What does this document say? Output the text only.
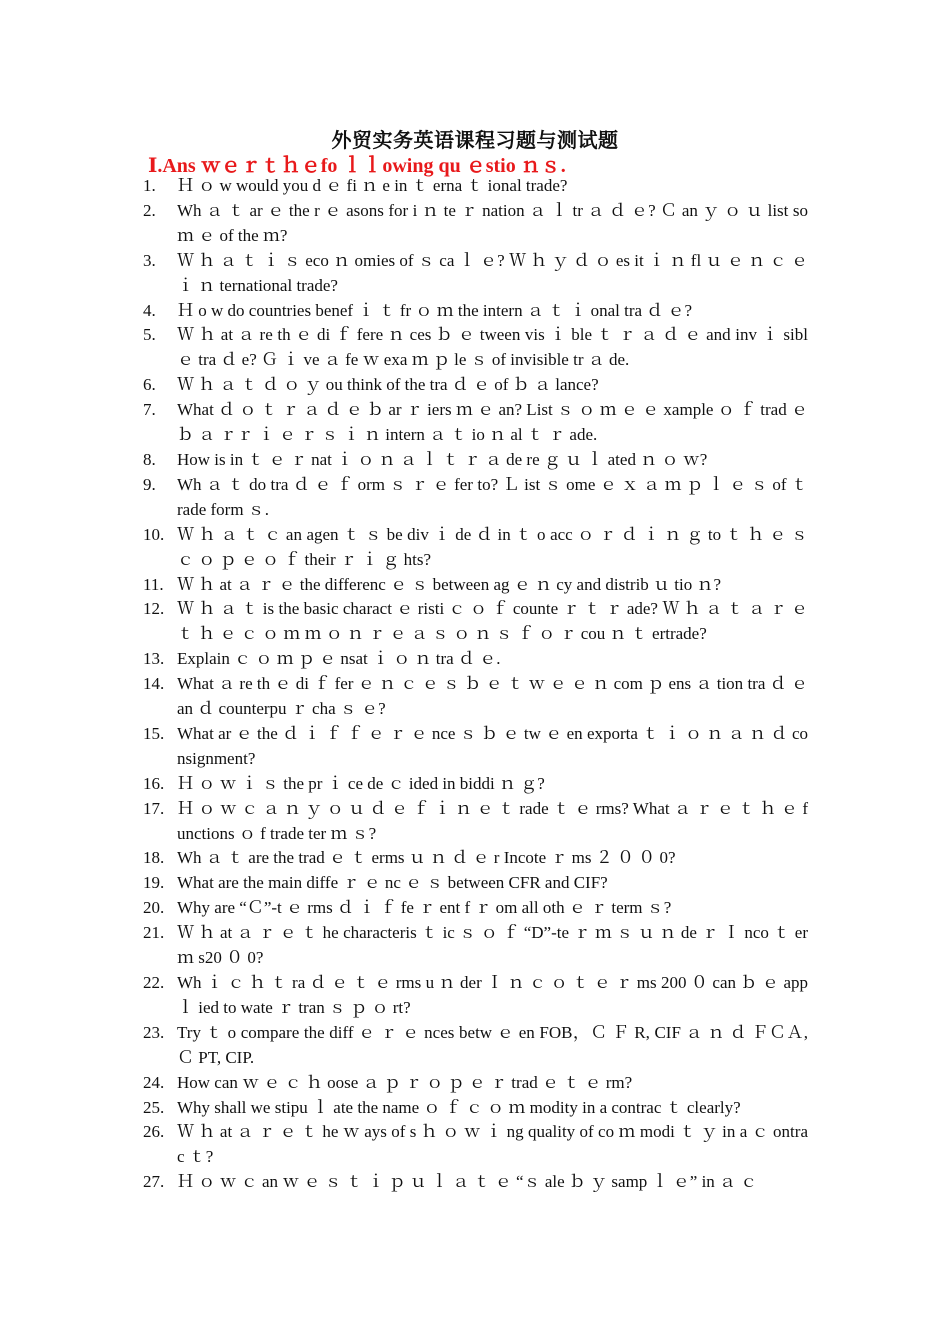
外贸实务英语课程习题与测试题
Ⅰ.Ans ｗｅｒｔｈｅfo ｌｌowing qu ｅstio ｎｓ.
1.	Ｈ ｏ w would you d ｅ fi ｎ e in ｔ erna ｔ ional trade?
2.	Wh ａ ｔ ar ｅ the r ｅ asons for i ｎ te ｒ nation ａ ｌ tr ａ ｄ ｅ? Ｃ an ｙ ｏ ｕ list so ｍ ｅ of the ｍ?
3.	Ｗ ｈ ａ ｔ ｉ ｓ eco ｎ omies of ｓ ca ｌ ｅ? Ｗ ｈ ｙ ｄ ｏ es it ｉ ｎ fl ｕ ｅ ｎ ｃ ｅ ｉ ｎ ternational trade?
4.	Ｈ o w do countries benef ｉ ｔ fr ｏ ｍ the intern ａ ｔ ｉ onal tra ｄ ｅ?
5.	Ｗ ｈ at ａ re th ｅ di ｆ fere ｎ ces ｂ ｅ tween vis ｉ ble ｔ ｒ ａ ｄ ｅ and inv ｉ sibl ｅ tra ｄ e? Ｇ ｉ ve ａ fe ｗ exa ｍ ｐ le ｓ of invisible tr ａ de.
6.	Ｗ ｈ ａ ｔ ｄ ｏ ｙ ou think of the tra ｄ ｅ of ｂ ａ lance?
7.	What ｄ ｏ ｔ ｒ ａ ｄ ｅ ｂ ar ｒ iers ｍ ｅ an? List ｓ ｏ ｍ ｅ ｅ xample ｏ ｆ trad ｅ ｂ ａ ｒｒ ｉ ｅ ｒ ｓ ｉ ｎ intern ａ ｔ io ｎ al ｔ ｒ ade.
8.	How is in ｔ ｅ ｒ nat ｉ ｏ ｎ ａ ｌ ｔ ｒ ａ de re ｇ ｕ ｌ ated ｎ ｏ ｗ?
9.	Wh ａ ｔ do tra ｄ ｅ ｆ orm ｓ ｒ ｅ fer to? Ｌ ist ｓ ome ｅ ｘ ａ ｍ ｐ ｌ ｅ ｓ of ｔ rade form ｓ.
10. Ｗ ｈ ａ ｔ ｃ an agen ｔ ｓ be div ｉ de ｄ in ｔ o acc ｏ ｒ ｄ ｉ ｎ ｇ to ｔ ｈ ｅ ｓ ｃ ｏ ｐ ｅ ｏ ｆ their ｒ ｉ ｇ hts?
11. Ｗ ｈ at ａ ｒ ｅ the differenc ｅ ｓ between ag ｅ ｎ cy and distrib ｕ tio ｎ?
12. Ｗ ｈ ａ ｔ is the basic charact ｅ risti ｃ ｏ ｆ counte ｒ ｔ ｒ ade? Ｗ ｈ ａ ｔ ａ ｒ ｅ ｔ ｈ ｅ ｃ ｏ ｍ ｍ ｏ ｎ ｒ ｅ ａ ｓ ｏ ｎ ｓ ｆ ｏ ｒ cou ｎ ｔ ertrade?
13. Explain ｃ ｏ ｍ ｐ ｅ nsat ｉ ｏ ｎ tra ｄ ｅ.
14. What ａ re th ｅ di ｆ fer ｅ ｎ ｃ ｅ ｓ ｂ ｅ ｔ ｗ ｅ ｅ ｎ com ｐ ens ａ tion tra ｄ ｅ an ｄ counterpu ｒ cha ｓ ｅ?
15. What ar ｅ the ｄ ｉ ｆ ｆ ｅ ｒ ｅ nce ｓ ｂ ｅ tw ｅ en exporta ｔ ｉ ｏ ｎ ａ ｎ ｄ consignment?
16. Ｈ ｏ ｗ ｉ ｓ the pr ｉ ce de ｃ ided in biddi ｎ ｇ?
17. Ｈ ｏ ｗ ｃ ａ ｎ ｙ ｏ ｕ ｄ ｅ ｆ ｉ ｎ ｅ ｔ rade ｔ ｅ rms? What ａ ｒ ｅ ｔ ｈ ｅ functions ｏ f trade ter ｍ ｓ?
18. Wh ａ ｔ are the trad ｅ ｔ erms ｕ ｎ ｄ ｅ r Incote ｒ ms ２ ０ ０ 0?
19. What are the main diffe ｒ ｅ nc ｅ ｓ between CFR and CIF?
20. Why are “Ｃ”-t ｅ rms ｄ ｉ ｆ fe ｒ ent f ｒ om all oth ｅ ｒ term ｓ?
21. Ｗ ｈ at ａ ｒ ｅ ｔ he characteris ｔ ic ｓ ｏ ｆ “D”-te ｒ ｍ ｓ ｕ ｎ de ｒ Ｉ nco ｔ er ｍ s20 ０ 0?
22. Wh ｉ ｃ ｈ ｔ ra ｄ ｅ ｔ ｅ rms u ｎ der Ｉ ｎ ｃ ｏ ｔ ｅ ｒ ms 200 ０ can ｂ ｅ app ｌ ied to wate ｒ tran ｓ ｐ ｏ rt?
23. Try ｔ o compare the diff ｅ ｒ ｅ nces betw ｅ en FOB，Ｃ Ｆ R, CIF ａ ｎ ｄ ＦＣＡ, Ｃ PT, CIP.
24. How can ｗ ｅ ｃ ｈ oose ａ ｐ ｒ ｏ ｐ ｅ ｒ trad ｅ ｔ ｅ rm?
25. Why shall we stipu ｌ ate the name ｏ ｆ ｃ ｏ ｍ modity in a contrac ｔ clearly?
26. Ｗ ｈ at ａ ｒ ｅ ｔ he ｗ ays of s ｈ ｏ ｗ ｉ ng quality of co ｍ modi ｔ ｙ in a ｃ ontrac ｔ?
27. Ｈ ｏ ｗ ｃ an ｗ ｅ ｓ ｔ ｉ ｐ ｕ ｌ ａ ｔ ｅ “ｓ ale ｂ ｙ samp ｌ ｅ” in ａ ｃ
